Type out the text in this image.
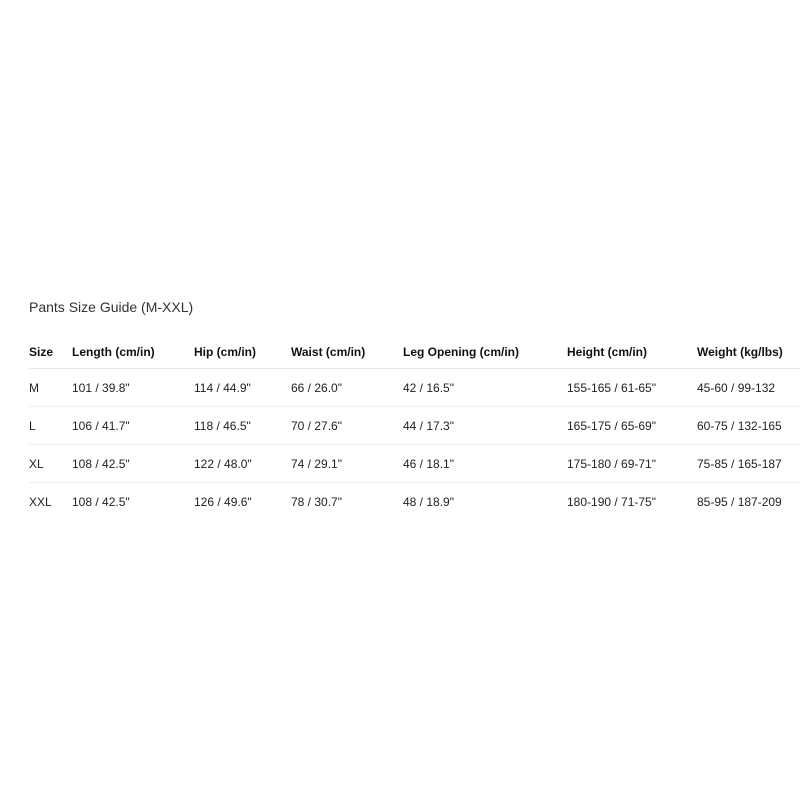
Pants Size Guide (M-XXL)
Size	Length (cm/in)	Hip (cm/in)	Waist (cm/in)	Leg Opening (cm/in)	Height (cm/in)	Weight (kg/lbs)
M	101 / 39.8"	114 / 44.9"	66 / 26.0"	42 / 16.5"	155-165 / 61-65"	45-60 / 99-132
L	106 / 41.7"	118 / 46.5"	70 / 27.6"	44 / 17.3"	165-175 / 65-69"	60-75 / 132-165
XL	108 / 42.5"	122 / 48.0"	74 / 29.1"	46 / 18.1"	175-180 / 69-71"	75-85 / 165-187
XXL	108 / 42.5"	126 / 49.6"	78 / 30.7"	48 / 18.9"	180-190 / 71-75"	85-95 / 187-209
